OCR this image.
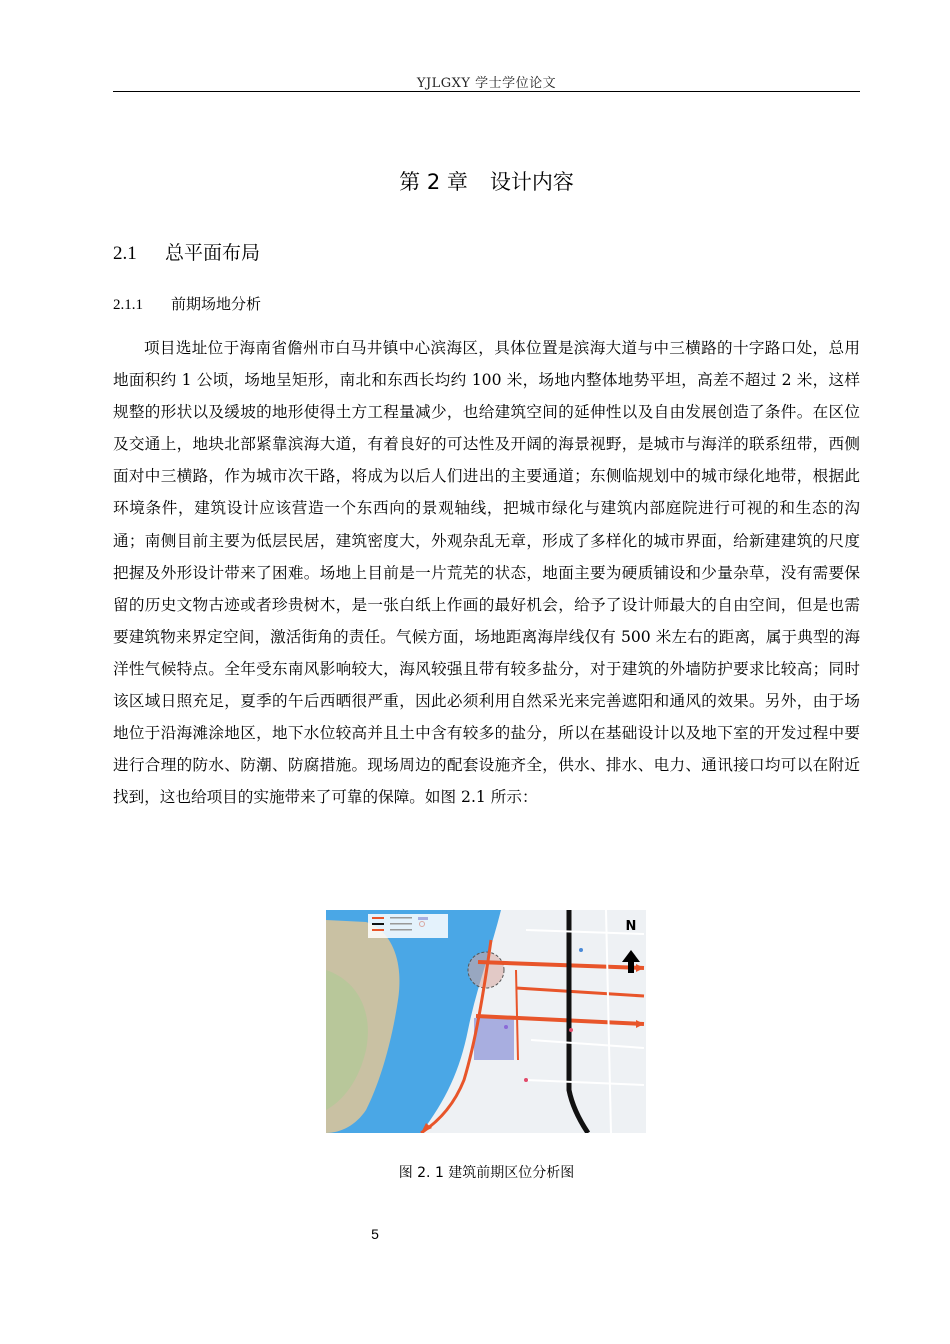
YJLGXY 学士学位论文
第 2 章 设计内容
2.1 总平面布局
2.1.1 前期场地分析

项目选址位于海南省儋州市白马井镇中心滨海区，具体位置是滨海大道与中三横路的十字路口处，总用地面积约 1 公顷，场地呈矩形，南北和东西长均约 100 米，场地内整体地势平坦，高差不超过 2 米，这样规整的形状以及缓坡的地形使得土方工程量减少，也给建筑空间的延伸性以及自由发展创造了条件。在区位及交通上，地块北部紧靠滨海大道，有着良好的可达性及开阔的海景视野，是城市与海洋的联系纽带，西侧面对中三横路，作为城市次干路，将成为以后人们进出的主要通道；东侧临规划中的城市绿化地带，根据此环境条件，建筑设计应该营造一个东西向的景观轴线，把城市绿化与建筑内部庭院进行可视的和生态的沟通；南侧目前主要为低层民居，建筑密度大，外观杂乱无章，形成了多样化的城市界面，给新建建筑的尺度把握及外形设计带来了困难。场地上目前是一片荒芜的状态，地面主要为硬质铺设和少量杂草，没有需要保留的历史文物古迹或者珍贵树木，是一张白纸上作画的最好机会，给予了设计师最大的自由空间，但是也需要建筑物来界定空间，激活街角的责任。气候方面，场地距离海岸线仅有 500 米左右的距离，属于典型的海洋性气候特点。全年受东南风影响较大，海风较强且带有较多盐分，对于建筑的外墙防护要求比较高；同时该区域日照充足，夏季的午后西晒很严重，因此必须利用自然采光来完善遮阳和通风的效果。另外，由于场地位于沿海滩涂地区，地下水位较高并且土中含有较多的盐分，所以在基础设计以及地下室的开发过程中要进行合理的防水、防潮、防腐措施。现场周边的配套设施齐全，供水、排水、电力、通讯接口均可以在附近找到，这也给项目的实施带来了可靠的保障。如图 2.1 所示：

N
图 2. 1 建筑前期区位分析图
5
